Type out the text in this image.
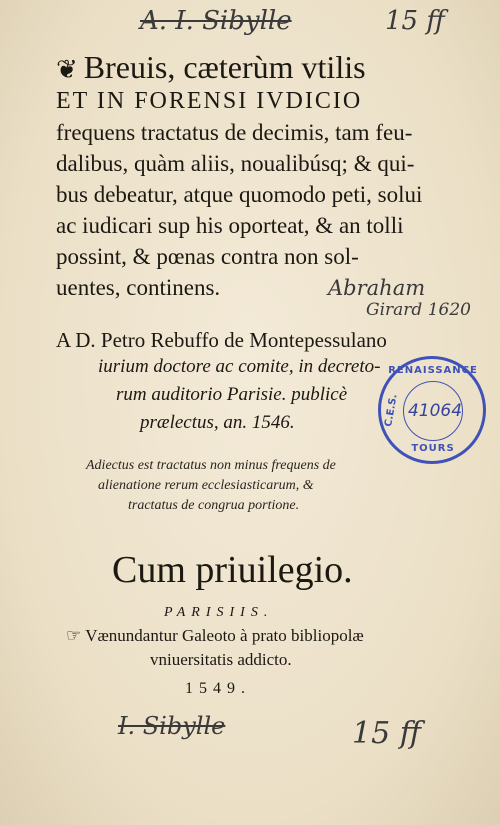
A. I. Sibylle	15 ff
❦ Breuis, cæterùm vtilis
ET IN FORENSI IVDICIO
frequens tractatus de decimis, tam feu-
dalibus, quàm aliis, noualibúsq; & qui-
bus debeatur, atque quomodo peti, solui
ac iudicari sup his oporteat, & an tolli
possint, & pœnas contra non sol-
uentes, continens.	Abraham
Girard 1620
A D. Petro Rebuffo de Montepessulano
iurium doctore ac comite, in decreto-
rum auditorio Parisie. publicè
prælectus, an. 1546.
RENAISSANCE
C.E.S. 41064
TOURS
Adiectus est tractatus non minus frequens de
alienatione rerum ecclesiasticarum, &
tractatus de congrua portione.
Cum priuilegio.
PARISIIS.
☞ Vænundantur Galeoto à prato bibliopolæ
vniuersitatis addicto.
1549.
I. Sibylle	15 ff
